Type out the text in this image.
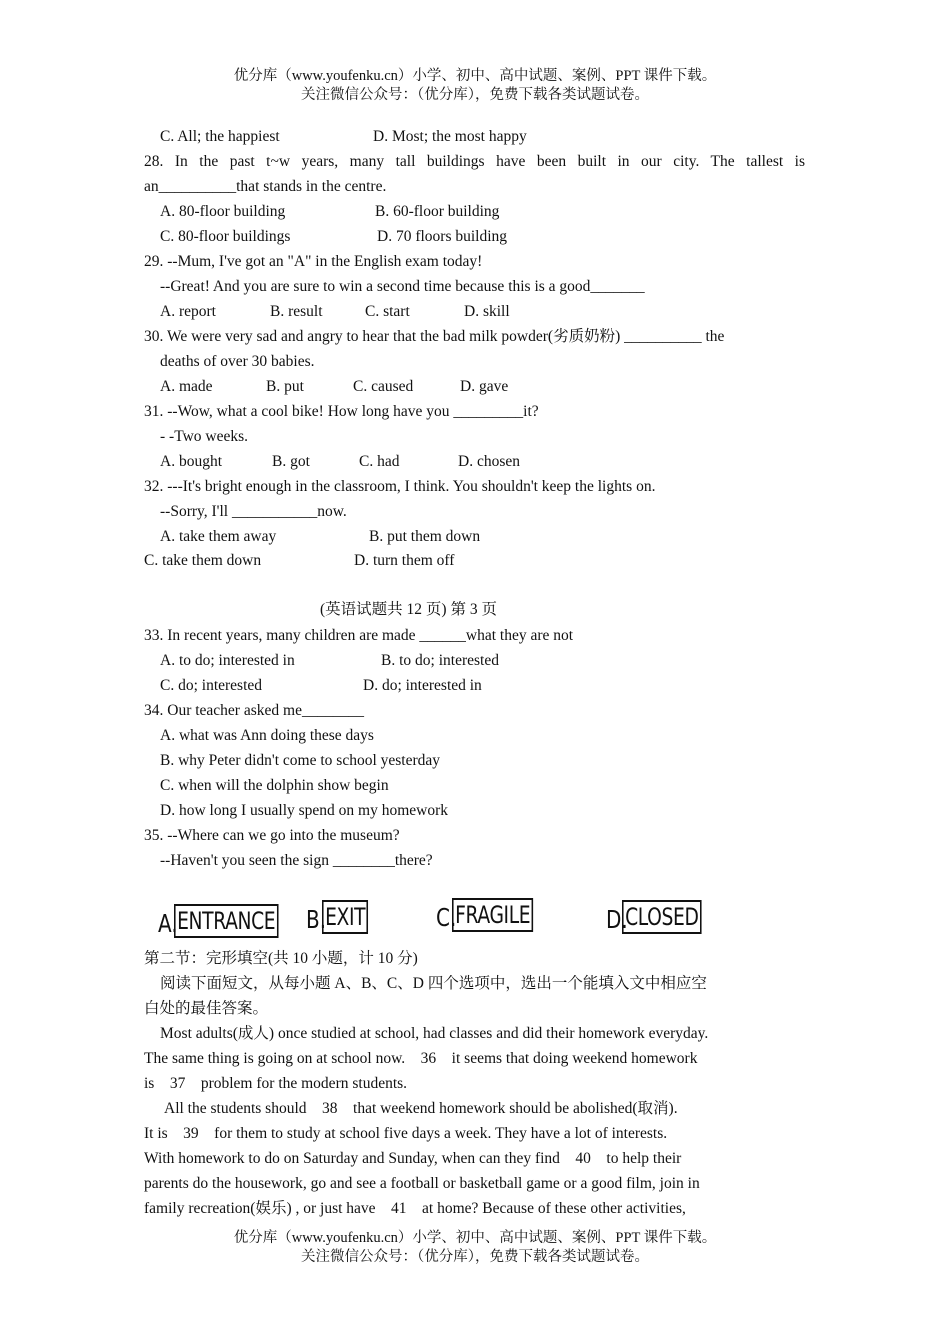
优分库（www.youfenku.cn）小学、初中、高中试题、案例、PPT 课件下载。
关注微信公众号：（优分库），免费下载各类试题试卷。
C. All; the happiest	D. Most; the most happy
28. In the past t~w years, many tall buildings have been built in our city. The tallest is
an__________that stands in the centre.
A. 80-floor building	B. 60-floor building
C. 80-floor buildings	D. 70 floors building
29. --Mum, I've got an "A" in the English exam today!
--Great! And you are sure to win a second time because this is a good_______
A. report	B. result	C. start	D. skill
30. We were very sad and angry to hear that the bad milk powder(劣质奶粉) __________ the
deaths of over 30 babies.
A. made	B. put	C. caused	D. gave
31. --Wow, what a cool bike! How long have you _________it?
- -Two weeks.
A. bought	B. got	C. had	D. chosen
32. ---It's bright enough in the classroom, I think. You shouldn't keep the lights on.
--Sorry, I'll ___________now.
A. take them away	B. put them down
C. take them down	D. turn them off
(英语试题共 12 页) 第 3 页
33. In recent years, many children are made ______what they are not
A. to do; interested in	B. to do; interested
C. do; interested	D. do; interested in
34. Our teacher asked me________
A. what was Ann doing these days
B. why Peter didn't come to school yesterday
C. when will the dolphin show begin
D. how long I usually spend on my homework
35. --Where can we go into the museum?
--Haven't you seen the sign ________there?
A. ENTRANCE B. EXIT	C.
FRAGILE	D.
CLOSED
第二节：完形填空(共 10 小题，计 10 分)
阅读下面短文，从每小题 A、B、C、D 四个选项中，选出一个能填入文中相应空
白处的最佳答案。
Most adults(成人) once studied at school, had classes and did their homework everyday.
The same thing is going on at school now.    36    it seems that doing weekend homework
is    37    problem for the modern students.
All the students should    38    that weekend homework should be abolished(取消).
It is    39    for them to study at school five days a week. They have a lot of interests.
With homework to do on Saturday and Sunday, when can they find    40    to help their
parents do the housework, go and see a football or basketball game or a good film, join in
family recreation(娱乐) , or just have    41    at home? Because of these other activities,
优分库（www.youfenku.cn）小学、初中、高中试题、案例、PPT 课件下载。
关注微信公众号：（优分库），免费下载各类试题试卷。
